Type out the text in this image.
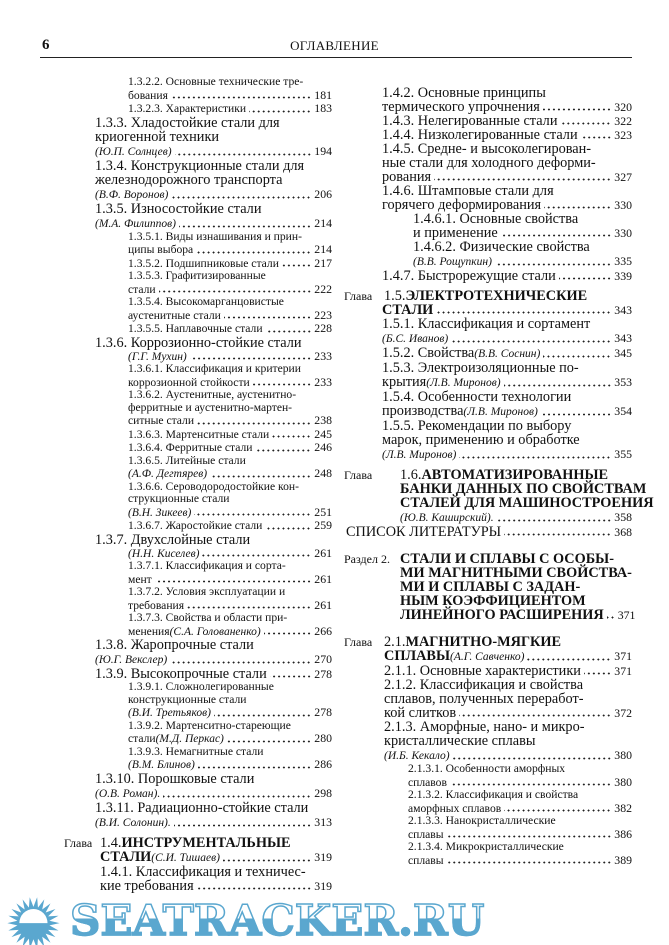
6	ОГЛАВЛЕНИЕ
1.3.2.2. Основные технические тре-
бования	181
1.3.2.3. Характеристики	183
1.3.3. Хладостойкие стали для
криогенной техники
(Ю.П. Солнцев)	194
1.3.4. Конструкционные стали для
железнодорожного транспорта
(В.Ф. Воронов)	206
1.3.5. Износостойкие стали
(М.А. Филиппов)	214
1.3.5.1. Виды изнашивания и прин-
ципы выбора	214
1.3.5.2. Подшипниковые стали	217
1.3.5.3. Графитизированные
стали	222
1.3.5.4. Высокомарганцовистые
аустенитные стали	223
1.3.5.5. Наплавочные стали	228
1.3.6. Коррозионно-стойкие стали
(Г.Г. Мухин)	233
1.3.6.1. Классификация и критерии
коррозионной стойкости	233
1.3.6.2. Аустенитные, аустенитно-
ферритные и аустенитно-мартен-
ситные стали	238
1.3.6.3. Мартенситные стали	245
1.3.6.4. Ферритные стали	246
1.3.6.5. Литейные стали
(А.Ф. Дегтярев)	248
1.3.6.6. Сероводородостойкие кон-
струкционные стали
(В.Н. Зикеев)	251
1.3.6.7. Жаростойкие стали	259
1.3.7. Двухслойные стали
(Н.Н. Киселев)	261
1.3.7.1. Классификация и сорта-
мент	261
1.3.7.2. Условия эксплуатации и
требования	261
1.3.7.3. Свойства и области при-
менения (С.А. Голованенко)	266
1.3.8. Жаропрочные стали
(Ю.Г. Векслер)	270
1.3.9. Высокопрочные стали	278
1.3.9.1. Сложнолегированные
конструкционные стали
(В.И. Третьяков)	278
1.3.9.2. Мартенситно-стареющие
стали (М.Д. Перкас)	280
1.3.9.3. Немагнитные стали
(В.М. Блинов)	286
1.3.10. Порошковые стали
(О.В. Роман).	298
1.3.11. Радиационно-стойкие стали
(В.И. Солонин).	313
Глава 1.4. ИНСТРУМЕНТАЛЬНЫЕ
СТАЛИ (С.И. Тишаев)	319
1.4.1. Классификация и техничес-
кие требования	319
1.4.2. Основные принципы
термического упрочнения	320
1.4.3. Нелегированные стали	322
1.4.4. Низколегированные стали	323
1.4.5. Средне- и высоколегирован-
ные стали для холодного деформи-
рования	327
1.4.6. Штамповые стали для
горячего деформирования	330
1.4.6.1. Основные свойства
и применение	330
1.4.6.2. Физические свойства
(В.В. Рощупкин)	335
1.4.7. Быстрорежущие стали	339
Глава 1.5. ЭЛЕКТРОТЕХНИЧЕСКИЕ
СТАЛИ	343
1.5.1. Классификация и сортамент
(Б.С. Иванов)	343
1.5.2. Свойства (В.В. Соснин)	345
1.5.3. Электроизоляционные по-
крытия (Л.В. Миронов)	353
1.5.4. Особенности технологии
производства (Л.В. Миронов)	354
1.5.5. Рекомендации по выбору
марок, применению и обработке
(Л.В. Миронов)	355
Глава 1.6. АВТОМАТИЗИРОВАННЫЕ
БАНКИ ДАННЫХ ПО СВОЙСТВАМ
СТАЛЕЙ ДЛЯ МАШИНОСТРОЕНИЯ
(Ю.В. Каширский).	358
СПИСОК ЛИТЕРАТУРЫ	368
Раздел 2. СТАЛИ И СПЛАВЫ С ОСОБЫ-
МИ МАГНИТНЫМИ СВОЙСТВА-
МИ И СПЛАВЫ С ЗАДАН-
НЫМ КОЭФФИЦИЕНТОМ
ЛИНЕЙНОГО РАСШИРЕНИЯ 371
Глава 2.1. МАГНИТНО-МЯГКИЕ
СПЛАВЫ (А.Г. Савченко)	371
2.1.1. Основные характеристики	371
2.1.2. Классификация и свойства
сплавов, полученных переработ-
кой слитков	372
2.1.3. Аморфные, нано- и микро-
кристаллические сплавы
(И.Б. Кекало)	380
2.1.3.1. Особенности аморфных
сплавов	380
2.1.3.2. Классификация и свойства
аморфных сплавов	382
2.1.3.3. Нанокристаллические
сплавы	386
2.1.3.4. Микрокристаллические
сплавы	389
SEATRACKER.RU
